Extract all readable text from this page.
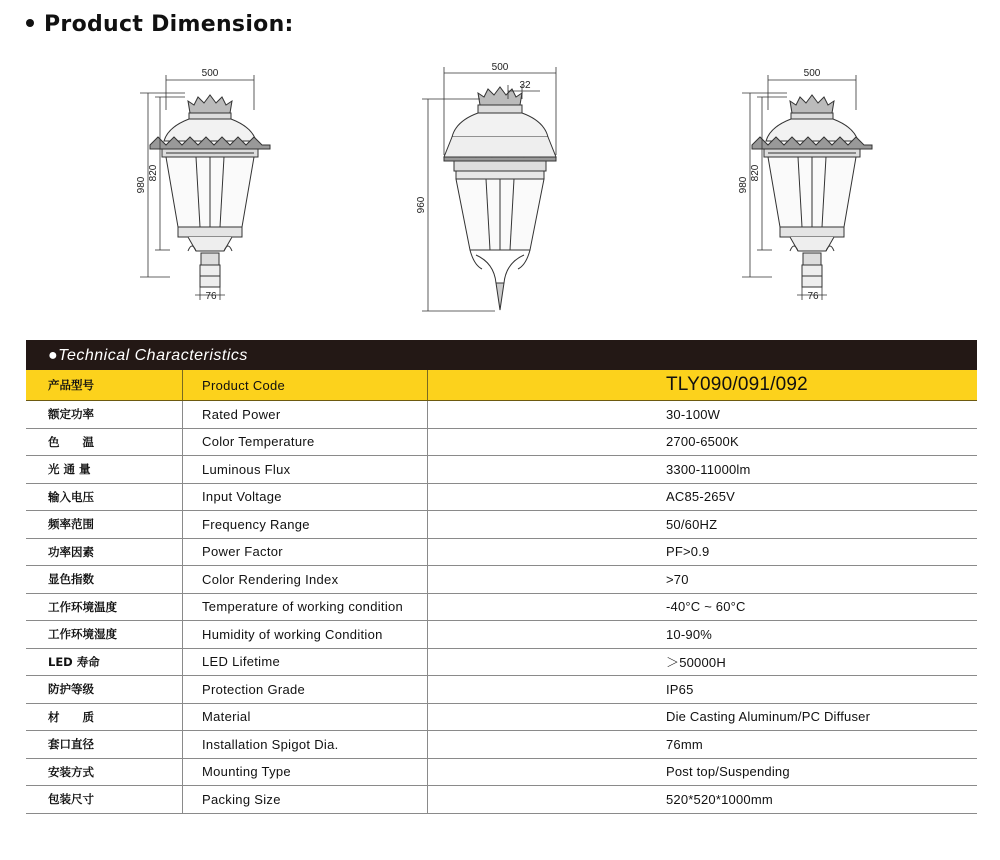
Product Dimension:
500
980
820
76
500
32
960
500
980
820
76
●Technical Characteristics
产品型号	Product Code	TLY090/091/092
额定功率	Rated Power	30-100W
色　　温	Color Temperature	2700-6500K
光 通 量	Luminous Flux	3300-11000lm
输入电压	Input Voltage	AC85-265V
频率范围	Frequency Range	50/60HZ
功率因素	Power Factor	PF>0.9
显色指数	Color Rendering Index	>70
工作环境温度	Temperature of working condition	-40°C ~ 60°C
工作环境湿度	Humidity of working Condition	10-90%
LED 寿命	LED Lifetime	＞50000H
防护等级	Protection Grade	IP65
材　　质	Material	Die Casting Aluminum/PC Diffuser
套口直径	Installation Spigot Dia.	76mm
安装方式	Mounting Type	Post top/Suspending
包装尺寸	Packing Size	520*520*1000mm
